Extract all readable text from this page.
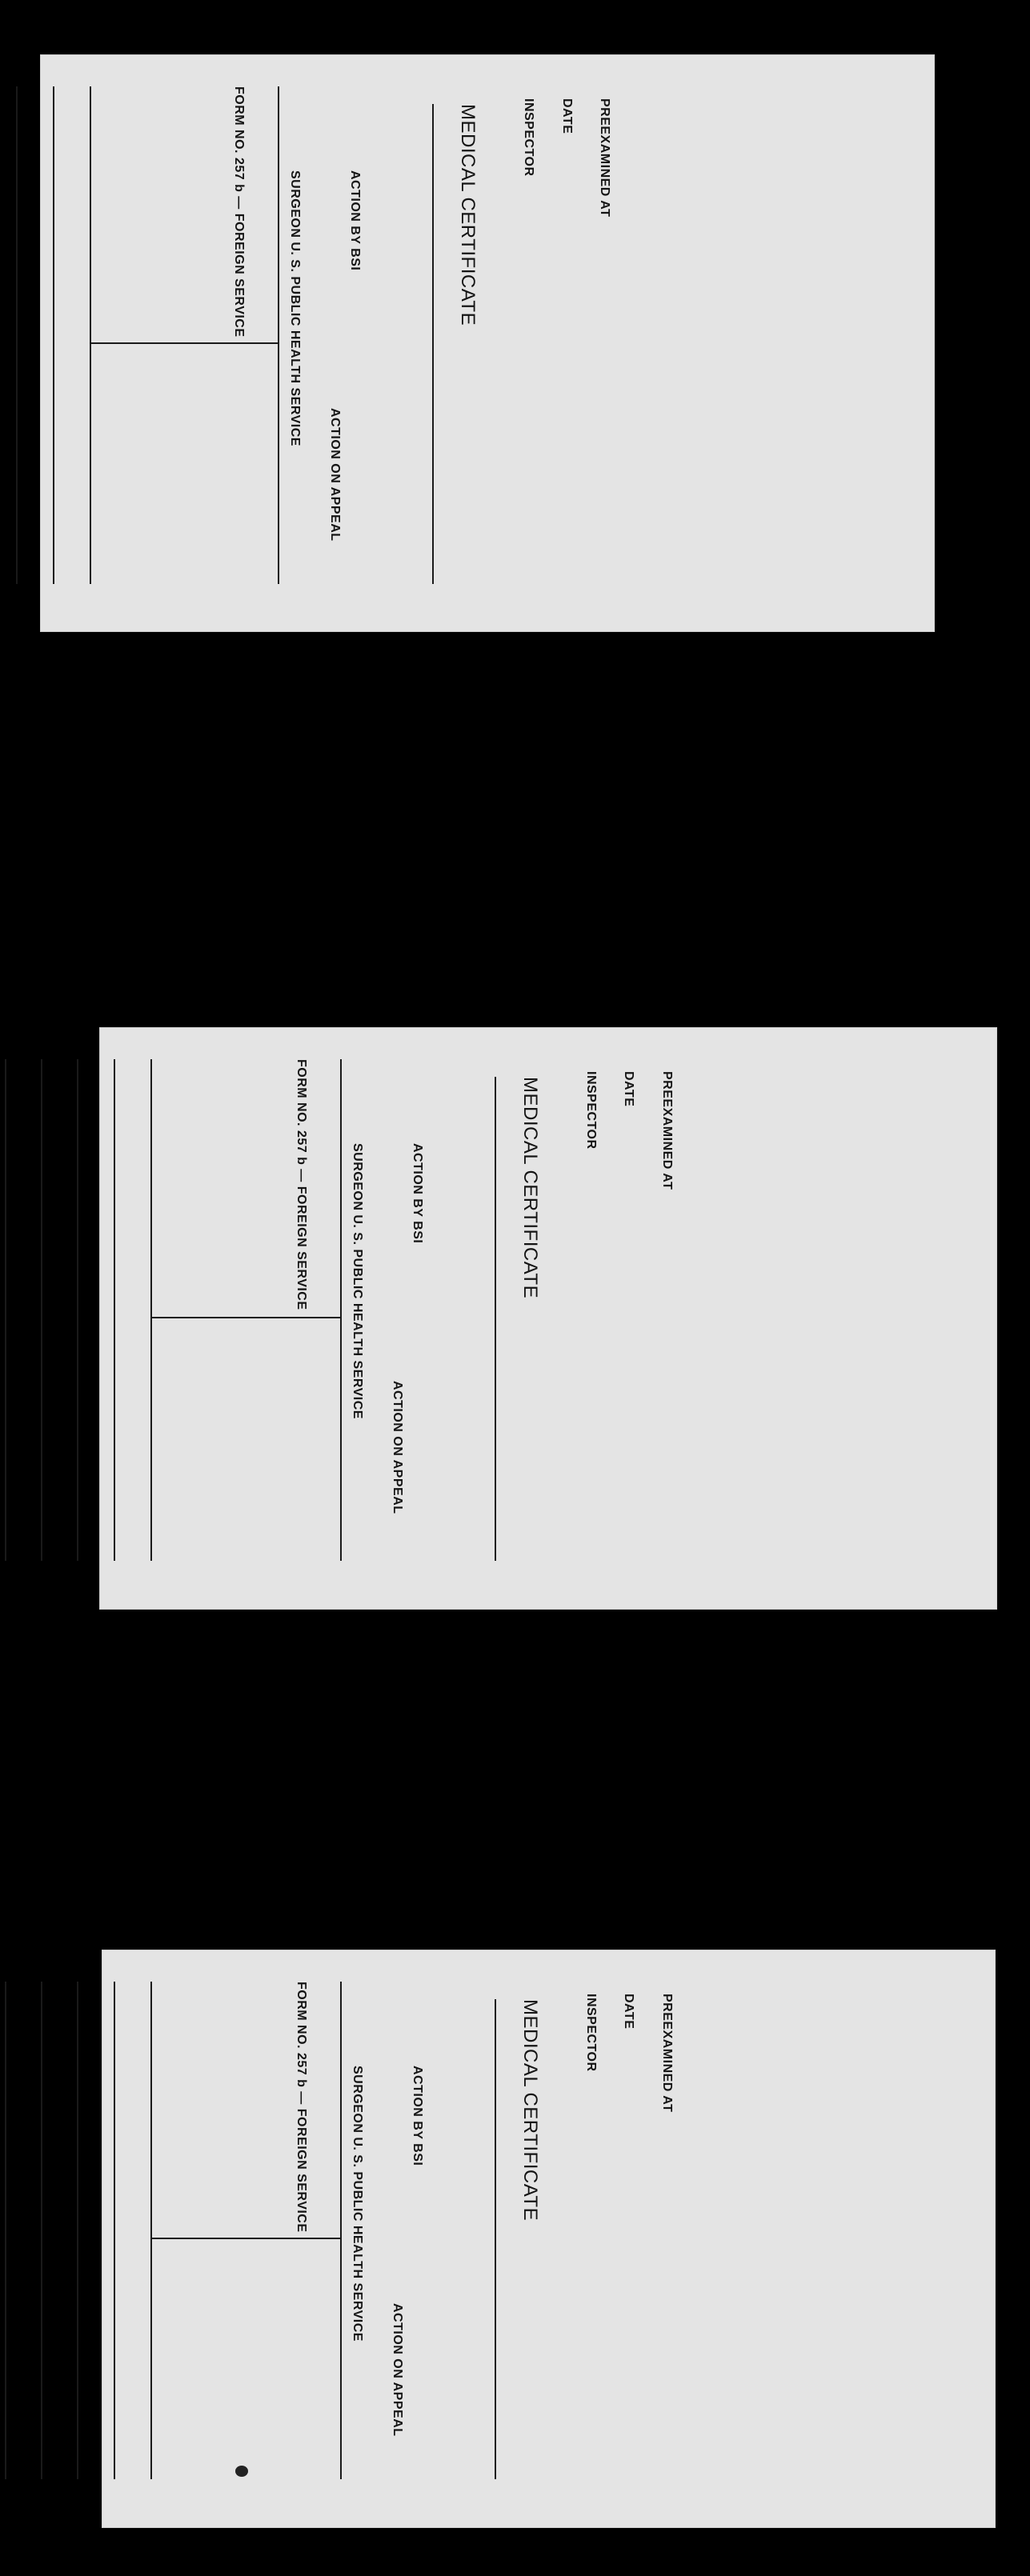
PREEXAMINED AT
DATE
INSPECTOR
MEDICAL CERTIFICATE
FORM NO. 257 b — FOREIGN SERVICE	SURGEON U. S. PUBLIC HEALTH SERVICE	ACTION BY BSI
ACTION ON APPEAL
PREEXAMINED AT
DATE
INSPECTOR
MEDICAL CERTIFICATE
FORM NO. 257 b — FOREIGN SERVICE	SURGEON U. S. PUBLIC HEALTH SERVICE	ACTION BY BSI
ACTION ON APPEAL
PREEXAMINED AT
DATE
INSPECTOR
MEDICAL CERTIFICATE
FORM NO. 257 b — FOREIGN SERVICE	SURGEON U. S. PUBLIC HEALTH SERVICE	ACTION BY BSI
ACTION ON APPEAL
